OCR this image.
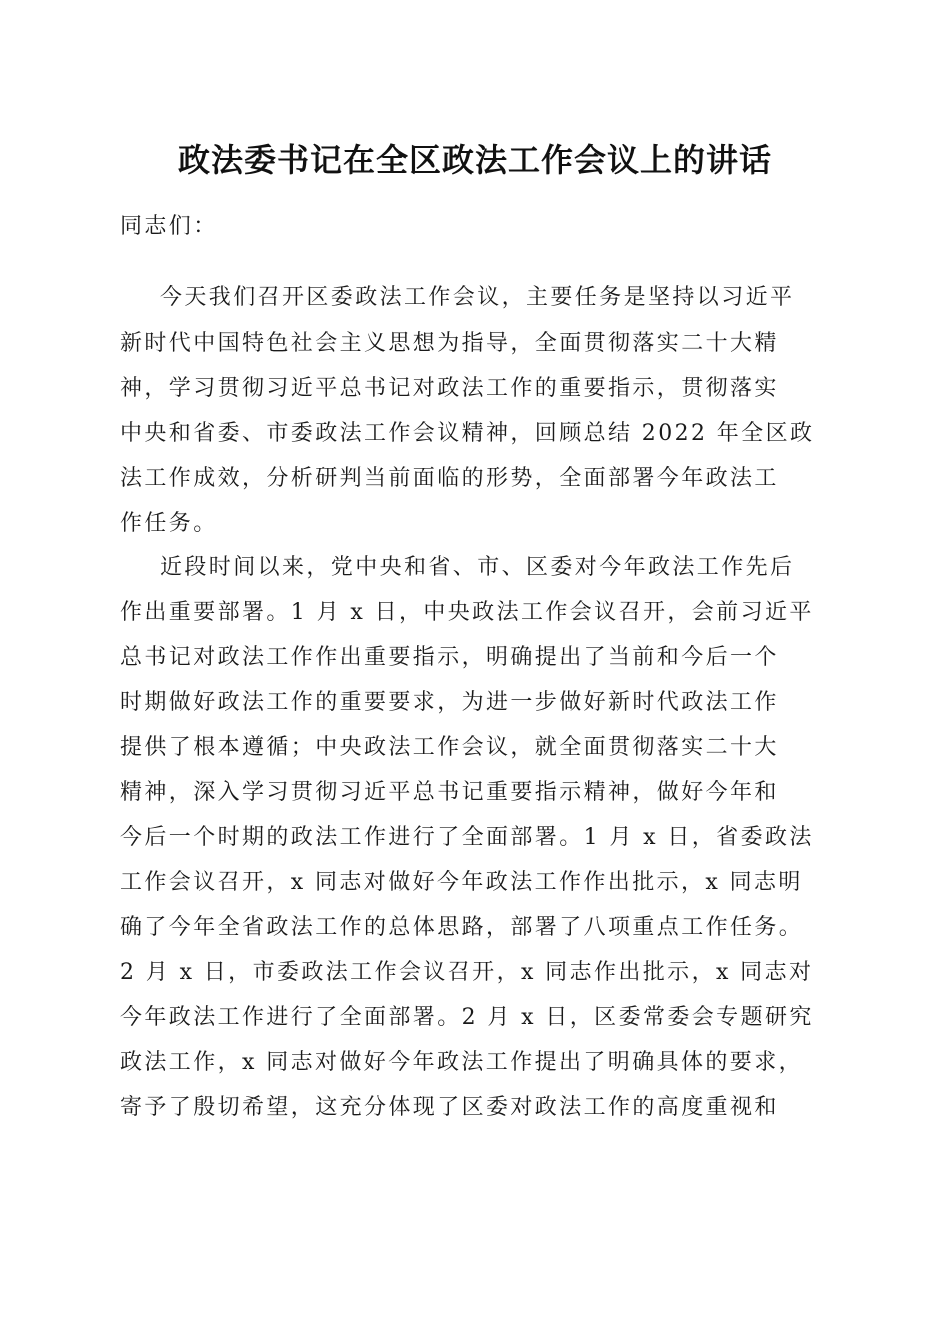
政法委书记在全区政法工作会议上的讲话
同志们：
今天我们召开区委政法工作会议，主要任务是坚持以习近平
新时代中国特色社会主义思想为指导，全面贯彻落实二十大精
神，学习贯彻习近平总书记对政法工作的重要指示，贯彻落实
中央和省委、市委政法工作会议精神，回顾总结 2022 年全区政
法工作成效，分析研判当前面临的形势，全面部署今年政法工
作任务。
近段时间以来，党中央和省、市、区委对今年政法工作先后
作出重要部署。1 月 x 日，中央政法工作会议召开，会前习近平
总书记对政法工作作出重要指示，明确提出了当前和今后一个
时期做好政法工作的重要要求，为进一步做好新时代政法工作
提供了根本遵循；中央政法工作会议，就全面贯彻落实二十大
精神，深入学习贯彻习近平总书记重要指示精神，做好今年和
今后一个时期的政法工作进行了全面部署。1 月 x 日，省委政法
工作会议召开，x 同志对做好今年政法工作作出批示，x 同志明
确了今年全省政法工作的总体思路，部署了八项重点工作任务。
2 月 x 日，市委政法工作会议召开，x 同志作出批示，x 同志对
今年政法工作进行了全面部署。2 月 x 日，区委常委会专题研究
政法工作，x 同志对做好今年政法工作提出了明确具体的要求，
寄予了殷切希望，这充分体现了区委对政法工作的高度重视和
